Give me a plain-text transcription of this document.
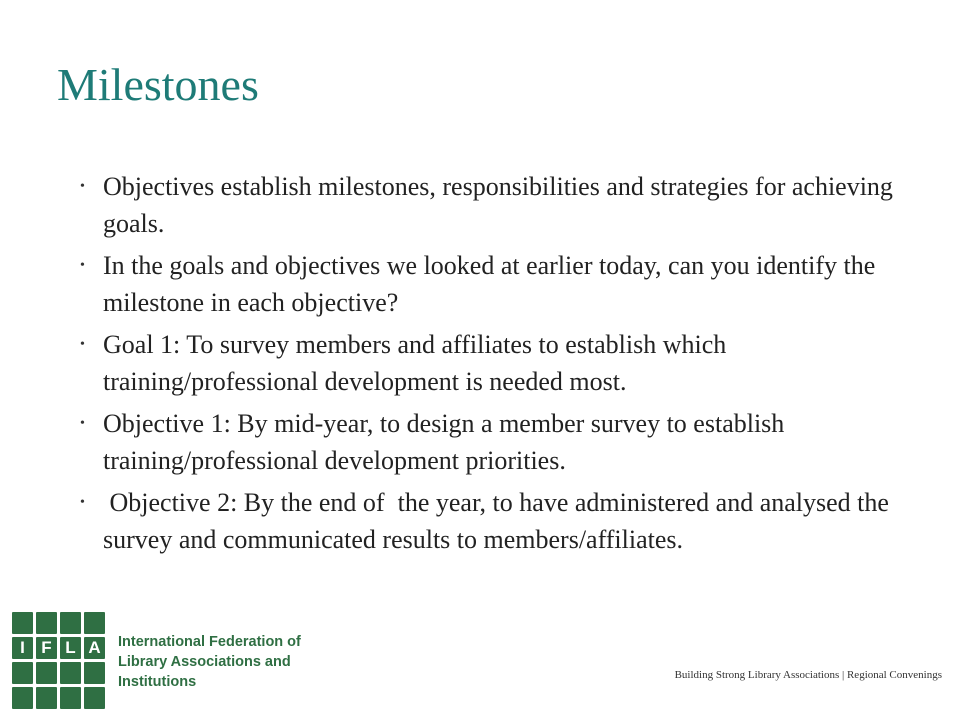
Milestones
• Objectives establish milestones, responsibilities and strategies for achieving goals.
• In the goals and objectives we looked at earlier today, can you identify the milestone in each objective?
• Goal 1: To survey members and affiliates to establish which training/professional development is needed most.
• Objective 1: By mid-year, to design a member survey to establish training/professional development priorities.
• Objective 2: By the end of  the year, to have administered and analysed the survey and communicated results to members/affiliates.
I F L A	International Federation of
Library Associations and Institutions	Building Strong Library Associations | Regional Convenings
